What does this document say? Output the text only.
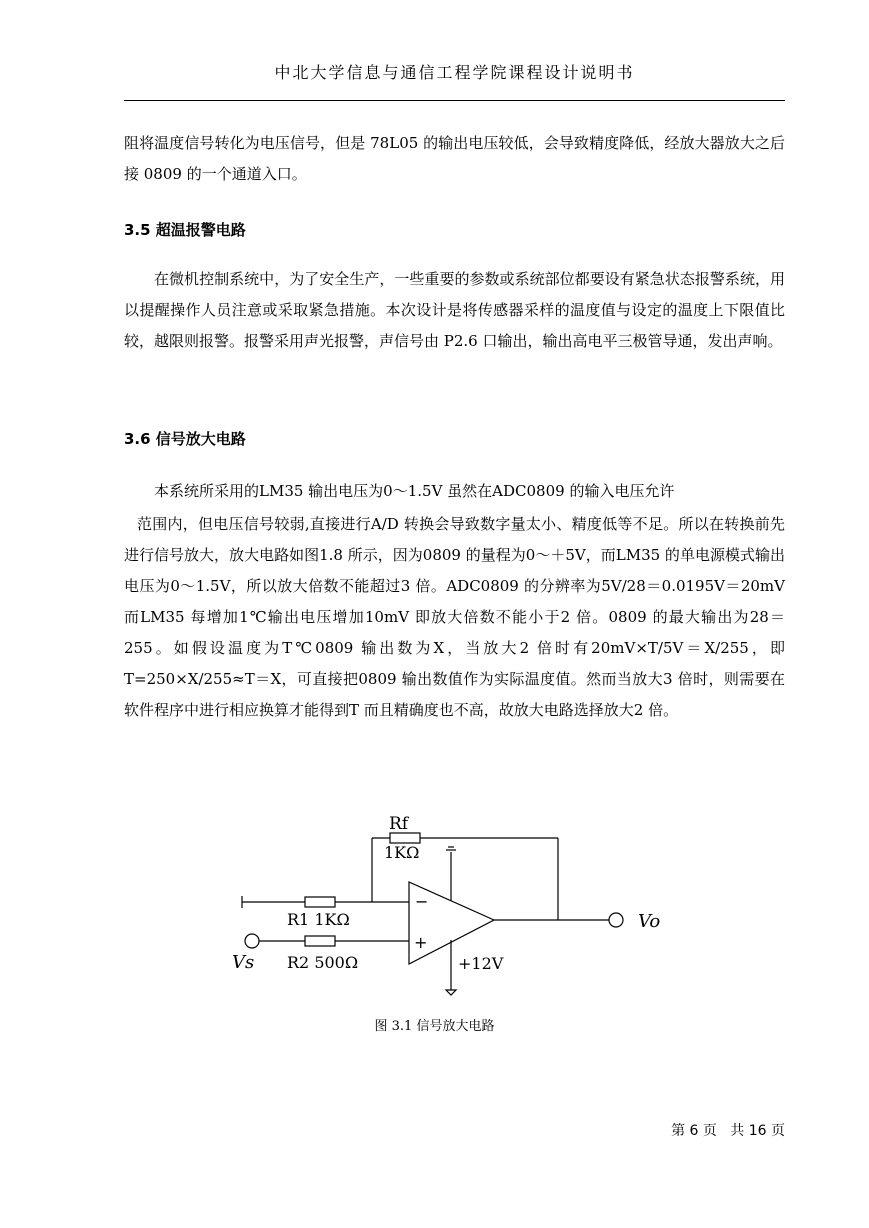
中北大学信息与通信工程学院课程设计说明书

阻将温度信号转化为电压信号，但是 78L05 的输出电压较低，会导致精度降低，经放大器放大之后接 0809 的一个通道入口。

3.5 超温报警电路

在微机控制系统中，为了安全生产，一些重要的参数或系统部位都要设有紧急状态报警系统，用以提醒操作人员注意或采取紧急措施。本次设计是将传感器采样的温度值与设定的温度上下限值比较，越限则报警。报警采用声光报警，声信号由 P2.6 口输出，输出高电平三极管导通，发出声响。

3.6 信号放大电路

本系统所采用的LM35 输出电压为0～1.5V 虽然在ADC0809 的输入电压允许

范围内，但电压信号较弱,直接进行A/D 转换会导致数字量太小、精度低等不足。所以在转换前先进行信号放大，放大电路如图1.8 所示，因为0809 的量程为0～＋5V，而LM35 的单电源模式输出电压为0～1.5V，所以放大倍数不能超过3 倍。ADC0809 的分辨率为5V/28＝0.0195V＝20mV 而LM35 每增加1℃输出电压增加10mV 即放大倍数不能小于2 倍。0809 的最大输出为28＝255。如假设温度为T℃0809 输出数为X，当放大2 倍时有20mV×T/5V＝X/255，即T=250×X/255≈T＝X，可直接把0809 输出数值作为实际温度值。然而当放大3 倍时，则需要在软件程序中进行相应换算才能得到T 而且精确度也不高，故放大电路选择放大2 倍。

Rf
1KΩ
R1 1KΩ
R2 500Ω
Vs
Vo
−
+
+12V
图 3.1 信号放大电路
第 6 页   共 16 页
